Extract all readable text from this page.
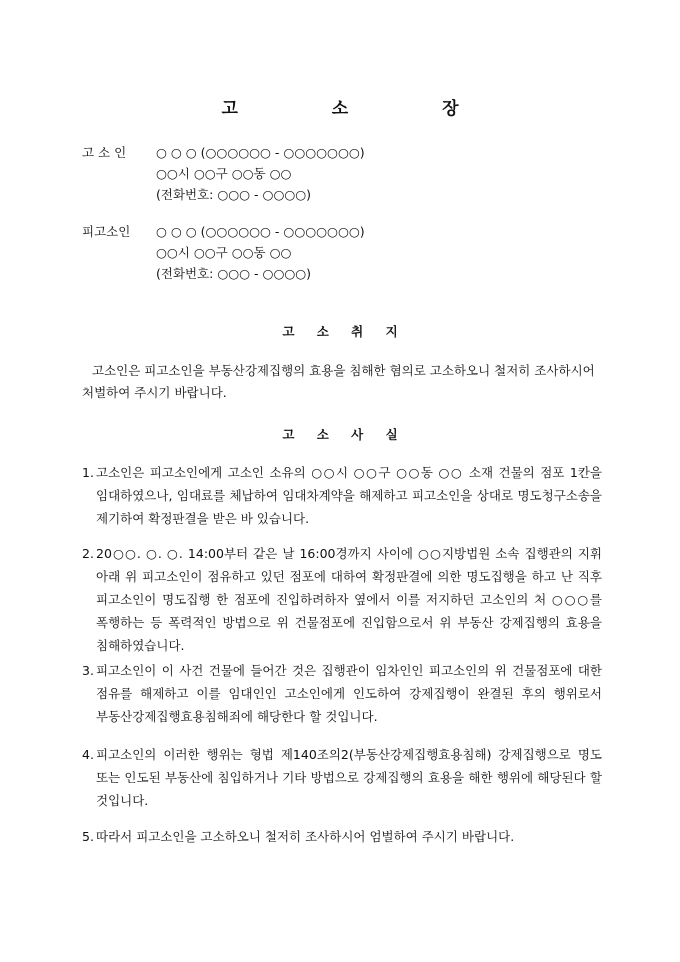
고 소 장
고 소 인	○ ○ ○ (○○○○○○ - ○○○○○○○)
○○시 ○○구 ○○동 ○○
(전화번호: ○○○ - ○○○○)
피고소인	○ ○ ○ (○○○○○○ - ○○○○○○○)
○○시 ○○구 ○○동 ○○
(전화번호: ○○○ - ○○○○)
고 소 취 지
고소인은 피고소인을 부동산강제집행의 효용을 침해한 혐의로 고소하오니 철저히 조사하시어 처벌하여 주시기 바랍니다.
고 소 사 실
1. 고소인은 피고소인에게 고소인 소유의 ○○시 ○○구 ○○동 ○○ 소재 건물의 점포 1칸을 임대하였으나, 임대료를 체납하여 임대차계약을 해제하고 피고소인을 상대로 명도청구소송을 제기하여 확정판결을 받은 바 있습니다.
2. 20○○. ○. ○. 14:00부터 같은 날 16:00경까지 사이에 ○○지방법원 소속 집행관의 지휘 아래 위 피고소인이 점유하고 있던 점포에 대하여 확정판결에 의한 명도집행을 하고 난 직후 피고소인이 명도집행 한 점포에 진입하려하자 옆에서 이를 저지하던 고소인의 처 ○○○를 폭행하는 등 폭력적인 방법으로 위 건물점포에 진입함으로서 위 부동산 강제집행의 효용을 침해하였습니다.
3. 피고소인이 이 사건 건물에 들어간 것은 집행관이 임차인인 피고소인의 위 건물점포에 대한 점유를 해제하고 이를 임대인인 고소인에게 인도하여 강제집행이 완결된 후의 행위로서 부동산강제집행효용침해죄에 해당한다 할 것입니다.
4. 피고소인의 이러한 행위는 형법 제140조의2(부동산강제집행효용침해) 강제집행으로 명도 또는 인도된 부동산에 침입하거나 기타 방법으로 강제집행의 효용을 해한 행위에 해당된다 할 것입니다.
5. 따라서 피고소인을 고소하오니 철저히 조사하시어 엄벌하여 주시기 바랍니다.
